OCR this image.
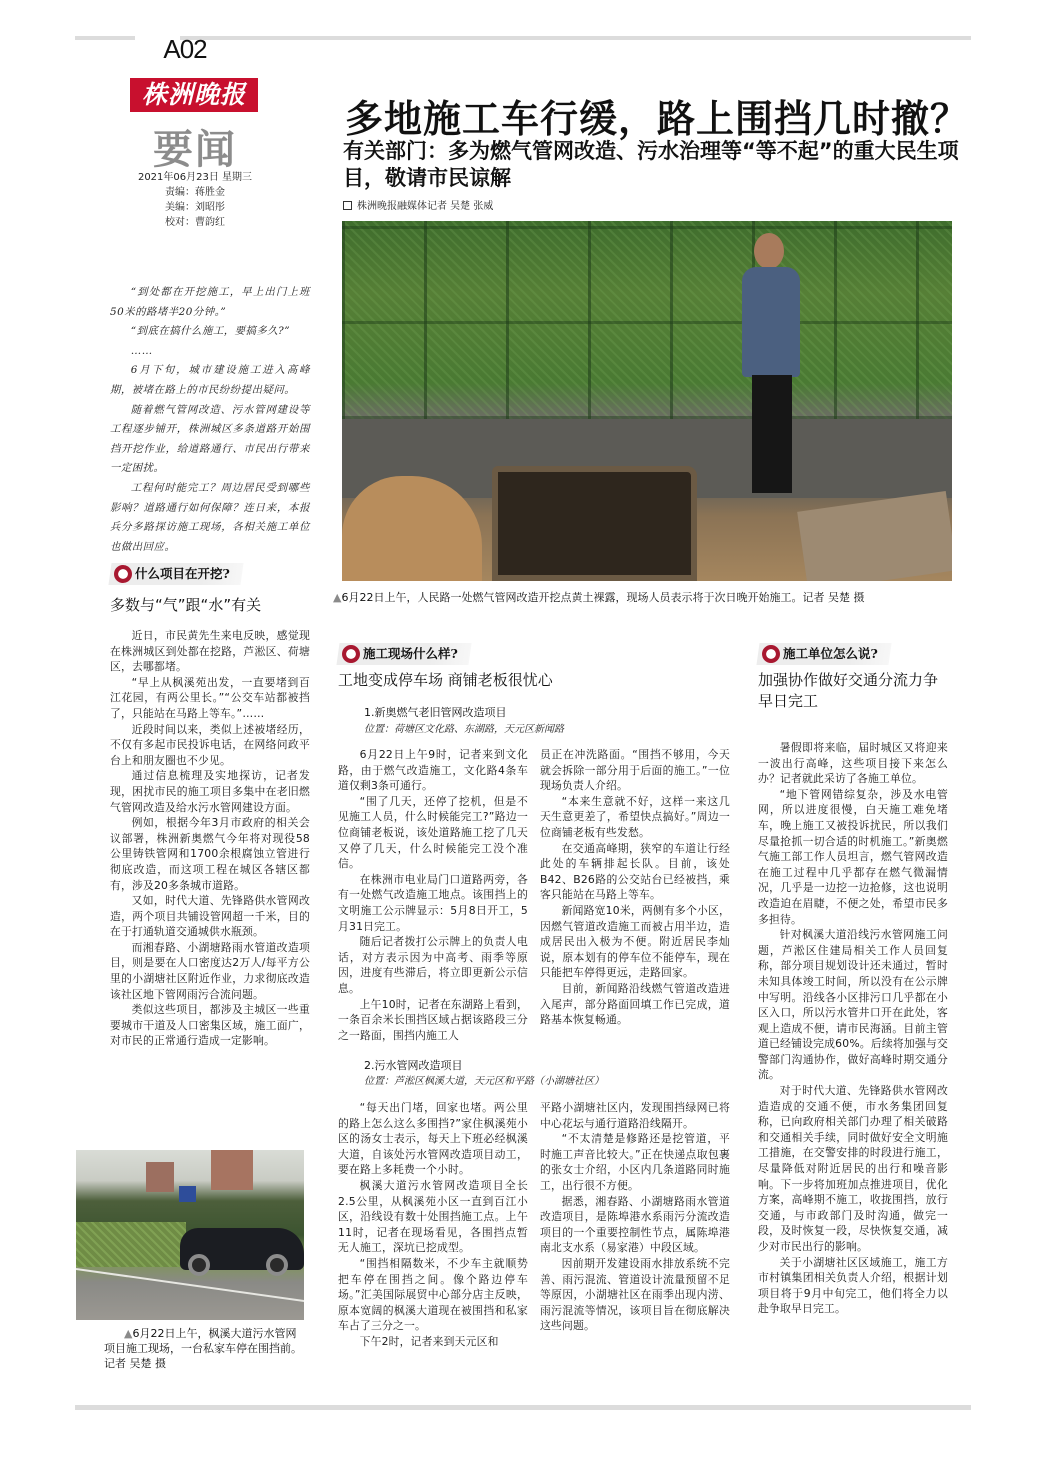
A02
株洲晚报
要闻
2021年06月23日 星期三
责编：蒋胜金
美编：刘昭彤
校对：曹韵红
多地施工车行缓，路上围挡几时撤？
有关部门：多为燃气管网改造、污水治理等“等不起”的重大民生项目，敬请市民谅解
株洲晚报融媒体记者 吴楚 张威
▲6月22日上午，人民路一处燃气管网改造开挖点黄土裸露，现场人员表示将于次日晚开始施工。记者 吴楚 摄

“到处都在开挖施工，早上出门上班50米的路堵半20分钟。”

“到底在搞什么施工，要搞多久?”

……

6月下旬，城市建设施工进入高峰期，被堵在路上的市民纷纷提出疑问。

随着燃气管网改造、污水管网建设等工程逐步铺开，株洲城区多条道路开始围挡开挖作业，给道路通行、市民出行带来一定困扰。

工程何时能完工？周边居民受到哪些影响？道路通行如何保障？连日来，本报兵分多路探访施工现场，各相关施工单位也做出回应。

什么项目在开挖?
多数与“气”跟“水”有关

近日，市民黄先生来电反映，感觉现在株洲城区到处都在挖路，芦淞区、荷塘区，去哪都堵。

“早上从枫溪苑出发，一直要堵到百江花园，有两公里长。”“公交车站都被挡了，只能站在马路上等车。”……

近段时间以来，类似上述被堵经历，不仅有多起市民投诉电话，在网络问政平台上和朋友圈也不少见。

通过信息梳理及实地探访，记者发现，困扰市民的施工项目多集中在老旧燃气管网改造及给水污水管网建设方面。

例如，根据今年3月市政府的相关会议部署，株洲新奥燃气今年将对现役58公里铸铁管网和1700余根腐蚀立管进行彻底改造，而这项工程在城区各辖区都有，涉及20多条城市道路。

又如，时代大道、先锋路供水管网改造，两个项目共铺设管网超一千米，目的在于打通轨道交通城供水瓶颈。

而湘春路、小湖塘路雨水管道改造项目，则是要在人口密度达2万人/每平方公里的小湖塘社区附近作业，力求彻底改造该社区地下管网雨污合流问题。

类似这些项目，都涉及主城区一些重要城市干道及人口密集区域，施工面广，对市民的正常通行造成一定影响。

▲6月22日上午，枫溪大道污水管网项目施工现场，一台私家车停在围挡前。记者 吴楚 摄
施工现场什么样?
工地变成停车场 商铺老板很忧心
1.新奥燃气老旧管网改造项目
位置：荷塘区文化路、东湖路，天元区新闻路

6月22日上午9时，记者来到文化路，由于燃气改造施工，文化路4条车道仅剩3条可通行。

“围了几天，还停了挖机，但是不见施工人员，什么时候能完工?”路边一位商铺老板说，该处道路施工挖了几天又停了几天，什么时候能完工没个准信。

在株洲市电业局门口道路两旁，各有一处燃气改造施工地点。该围挡上的文明施工公示牌显示：5月8日开工，5月31日完工。

随后记者拨打公示牌上的负责人电话，对方表示因为中高考、雨季等原因，进度有些滞后，将立即更新公示信息。

上午10时，记者在东湖路上看到，一条百余米长围挡区域占据该路段三分之一路面，围挡内施工人

员正在冲洗路面。“围挡不够用，今天就会拆除一部分用于后面的施工。”一位现场负责人介绍。

“本来生意就不好，这样一来这几天生意更差了，希望快点搞好。”周边一位商铺老板有些发愁。

在交通高峰期，狭窄的车道让行经此处的车辆排起长队。目前，该处B42、B26路的公交站台已经被挡，乘客只能站在马路上等车。

新闻路宽10米，两侧有多个小区，因燃气管道改造施工而被占用半边，造成居民出入极为不便。附近居民李灿说，原本划有的停车位不能停车，现在只能把车停得更远，走路回家。

目前，新闻路沿线燃气管道改造进入尾声，部分路面回填工作已完成，道路基本恢复畅通。

2.污水管网改造项目
位置：芦淞区枫溪大道，天元区和平路（小湖塘社区）

“每天出门堵，回家也堵。两公里的路上怎么这么多围挡?”家住枫溪苑小区的汤女士表示，每天上下班必经枫溪大道，自该处污水管网改造项目动工，要在路上多耗费一个小时。

枫溪大道污水管网改造项目全长2.5公里，从枫溪苑小区一直到百江小区，沿线设有数十处围挡施工点。上午11时，记者在现场看见，各围挡点暂无人施工，深坑已挖成型。

“围挡相隔数米，不少车主就顺势把车停在围挡之间。像个路边停车场。”汇美国际展贸中心部分店主反映，原本宽阔的枫溪大道现在被围挡和私家车占了三分之一。

下午2时，记者来到天元区和

平路小湖塘社区内，发现围挡绿网已将中心花坛与通行道路沿线隔开。

“不太清楚是修路还是挖管道，平时施工声音比较大。”正在快递点取包裹的张女士介绍，小区内几条道路同时施工，出行很不方便。

据悉，湘春路、小湖塘路雨水管道改造项目，是陈埠港水系雨污分流改造项目的一个重要控制性节点，属陈埠港南北支水系（易家港）中段区域。

因前期开发建设雨水排放系统不完善、雨污混流、管道设计流量预留不足等原因，小湖塘社区在雨季出现内涝、雨污混流等情况，该项目旨在彻底解决这些问题。

施工单位怎么说?
加强协作做好交通分流力争早日完工

暑假即将来临，届时城区又将迎来一波出行高峰，这些项目接下来怎么办？记者就此采访了各施工单位。

“地下管网错综复杂，涉及水电管网，所以进度很慢，白天施工难免堵车，晚上施工又被投诉扰民，所以我们尽量抢抓一切合适的时机施工。”新奥燃气施工部工作人员坦言，燃气管网改造在施工过程中几乎都存在燃气微漏情况，几乎是一边挖一边抢修，这也说明改造迫在眉睫，不便之处，希望市民多多担待。

针对枫溪大道沿线污水管网施工问题，芦淞区住建局相关工作人员回复称，部分项目规划设计还未通过，暂时未知具体竣工时间，所以没有在公示牌中写明。沿线各小区排污口几乎都在小区入口，所以污水管井口开在此处，客观上造成不便，请市民海涵。目前主管道已经铺设完成60%。后续将加强与交警部门沟通协作，做好高峰时期交通分流。

对于时代大道、先锋路供水管网改造造成的交通不便，市水务集团回复称，已向政府相关部门办理了相关破路和交通相关手续，同时做好安全文明施工措施，在交警安排的时段进行施工，尽量降低对附近居民的出行和噪音影响。下一步将加班加点推进项目，优化方案，高峰期不施工，收拢围挡，放行交通，与市政部门及时沟通，做完一段，及时恢复一段，尽快恢复交通，减少对市民出行的影响。

关于小湖塘社区区域施工，施工方市村镇集团相关负责人介绍，根据计划项目将于9月中旬完工，他们将全力以赴争取早日完工。
